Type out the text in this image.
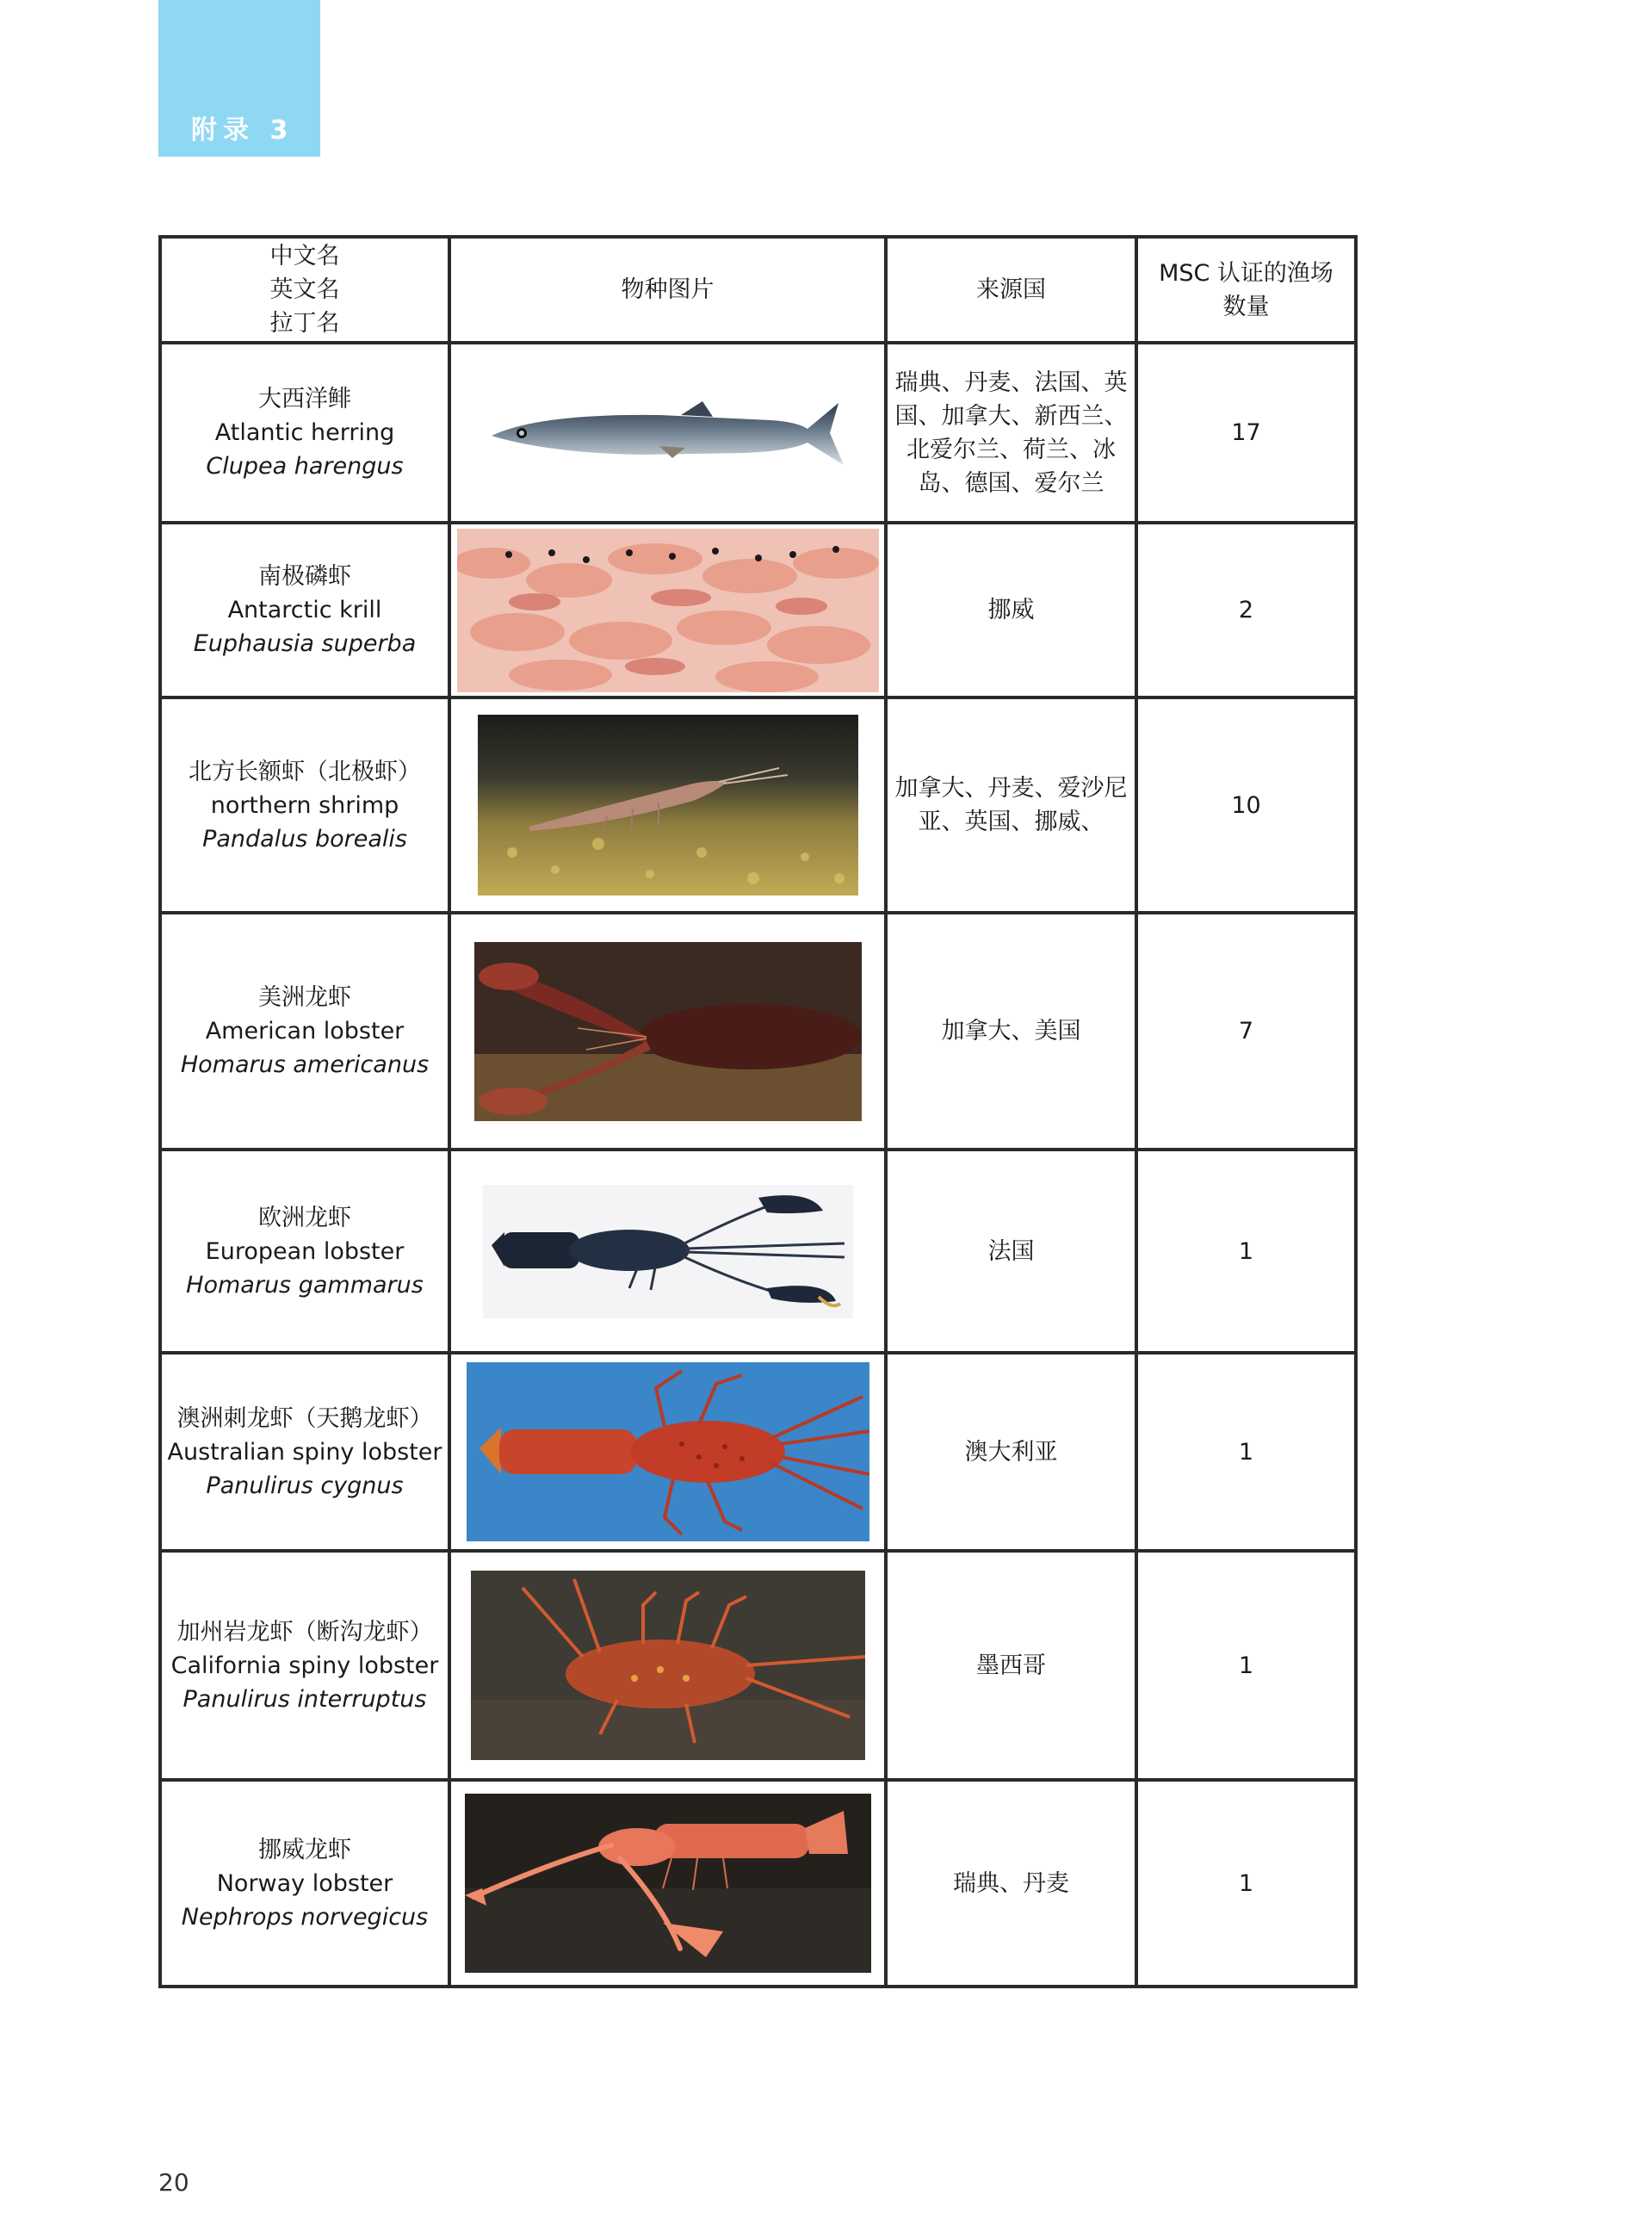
附录 3
中文名
英文名
拉丁名	物种图片	来源国	MSC 认证的渔场数量

大西洋鲱
Atlantic herring
Clupea harengus		瑞典、丹麦、法国、英国、加拿大、新西兰、北爱尔兰、荷兰、冰岛、德国、爱尔兰	17

南极磷虾
Antarctic krill
Euphausia superba		挪威	2

北方长额虾（北极虾）
northern shrimp
Pandalus borealis		加拿大、丹麦、爱沙尼亚、英国、挪威、	10

美洲龙虾
American lobster
Homarus americanus		加拿大、美国	7

欧洲龙虾
European lobster
Homarus gammarus		法国	1

澳洲刺龙虾（天鹅龙虾）
Australian spiny lobster
Panulirus cygnus		澳大利亚	1

加州岩龙虾（断沟龙虾）
California spiny lobster
Panulirus interruptus		墨西哥	1

挪威龙虾
Norway lobster
Nephrops norvegicus		瑞典、丹麦	1
20
